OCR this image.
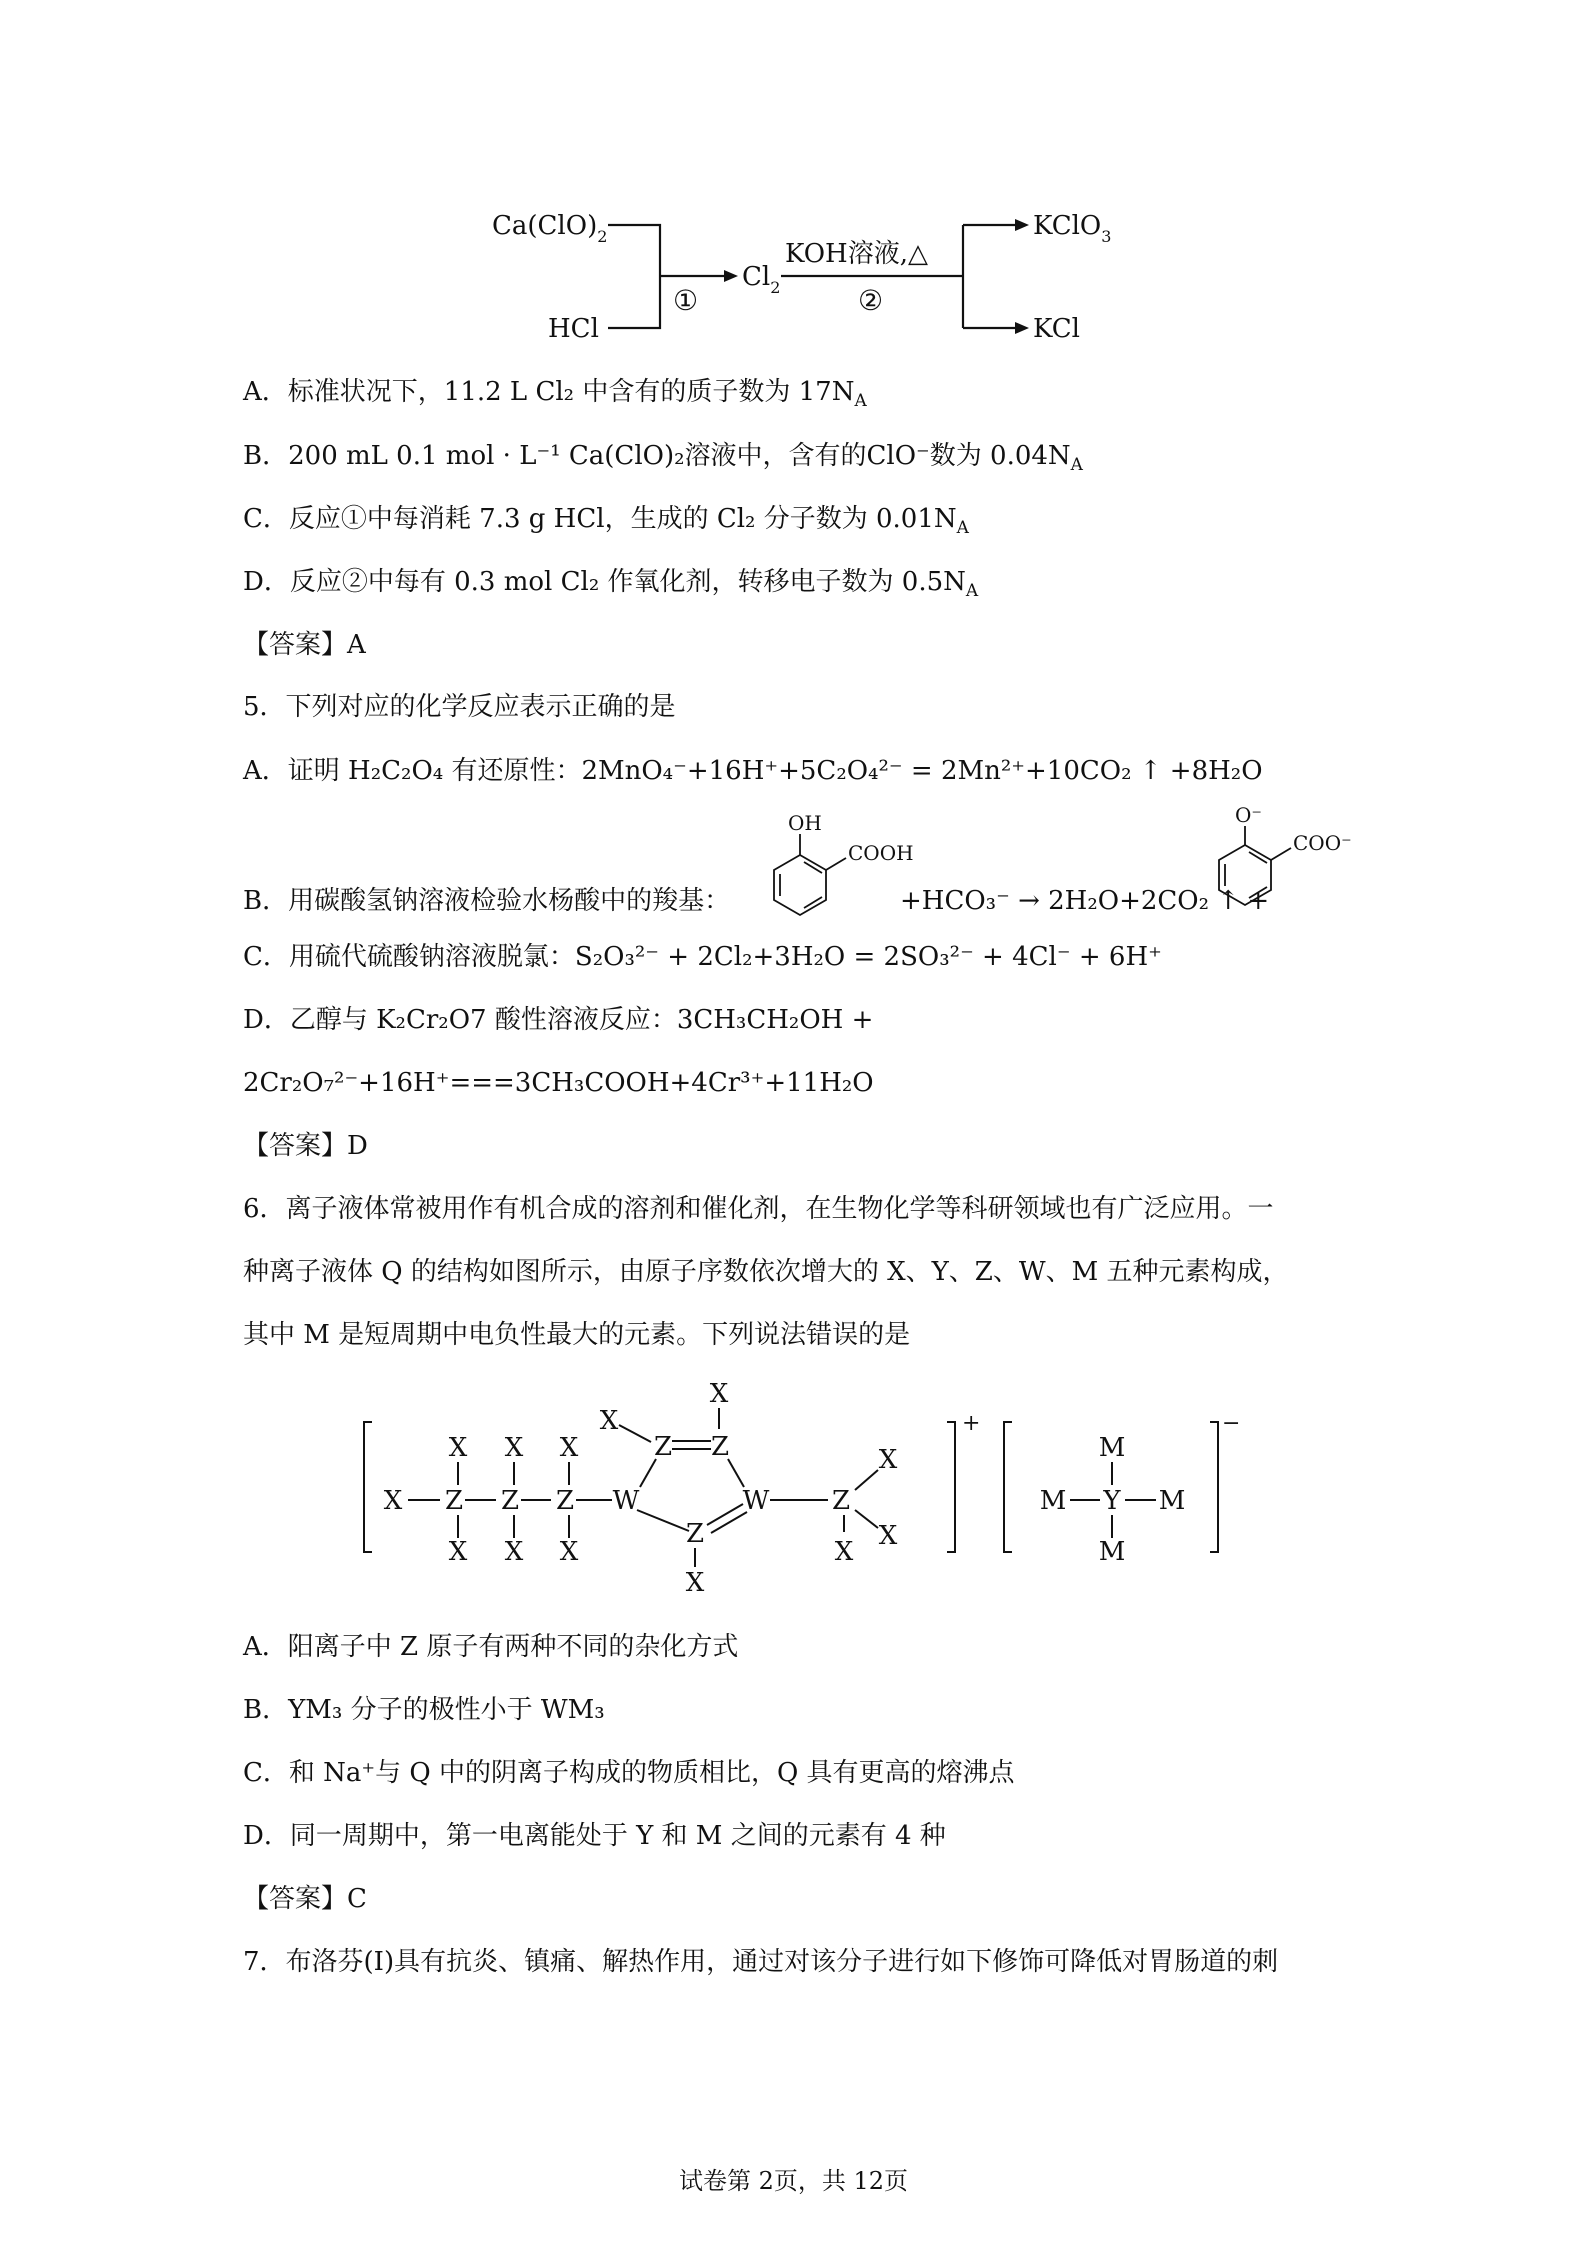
$Ca(ClO)_2$
HCl
①
$Cl_2$
KOH溶液,△
②
KClO$_3$
KCl
A．标准状况下，11.2 L Cl₂ 中含有的质子数为 $17N_A$
B．200 mL 0.1 mol · L⁻¹ Ca(ClO)₂溶液中，含有的ClO⁻数为 $0.04N_A$
C．反应①中每消耗 7.3 g HCl，生成的 Cl₂ 分子数为 $0.01N_A$
D．反应②中每有 0.3 mol Cl₂ 作氧化剂，转移电子数为 $0.5N_A$
【答案】A
5．下列对应的化学反应表示正确的是
A．证明 H₂C₂O₄ 有还原性：2MnO₄⁻+16H⁺+5C₂O₄²⁻ = 2Mn²⁺+10CO₂ ↑ +8H₂O
B．用碳酸氢钠溶液检验水杨酸中的羧基：	+HCO₃⁻ → 2H₂O+2CO₂ ↑ +
OH
COOH
O⁻
COO⁻
C．用硫代硫酸钠溶液脱氯：S₂O₃²⁻ + 2Cl₂+3H₂O = 2SO₃²⁻ + 4Cl⁻ + 6H⁺
D．乙醇与 K₂Cr₂O7 酸性溶液反应：3CH₃CH₂OH +
2Cr₂O₇²⁻+16H⁺===3CH₃COOH+4Cr³⁺+11H₂O
【答案】D
6．离子液体常被用作有机合成的溶剂和催化剂，在生物化学等科研领域也有广泛应用。一
种离子液体 Q 的结构如图所示，由原子序数依次增大的 X、Y、Z、W、M 五种元素构成，
其中 M 是短周期中电负性最大的元素。下列说法错误的是
X Z Z Z
X X X
X X X
W
Z Z
W
Z
X
X
X
Z
X
X
X
M Y M
M
M
+	−
A．阳离子中 Z 原子有两种不同的杂化方式
B．YM₃ 分子的极性小于 WM₃
C．和 Na⁺与 Q 中的阴离子构成的物质相比，Q 具有更高的熔沸点
D．同一周期中，第一电离能处于 Y 和 M 之间的元素有 4 种
【答案】C
7．布洛芬(I)具有抗炎、镇痛、解热作用，通过对该分子进行如下修饰可降低对胃肠道的刺
试卷第 2页，共 12页
